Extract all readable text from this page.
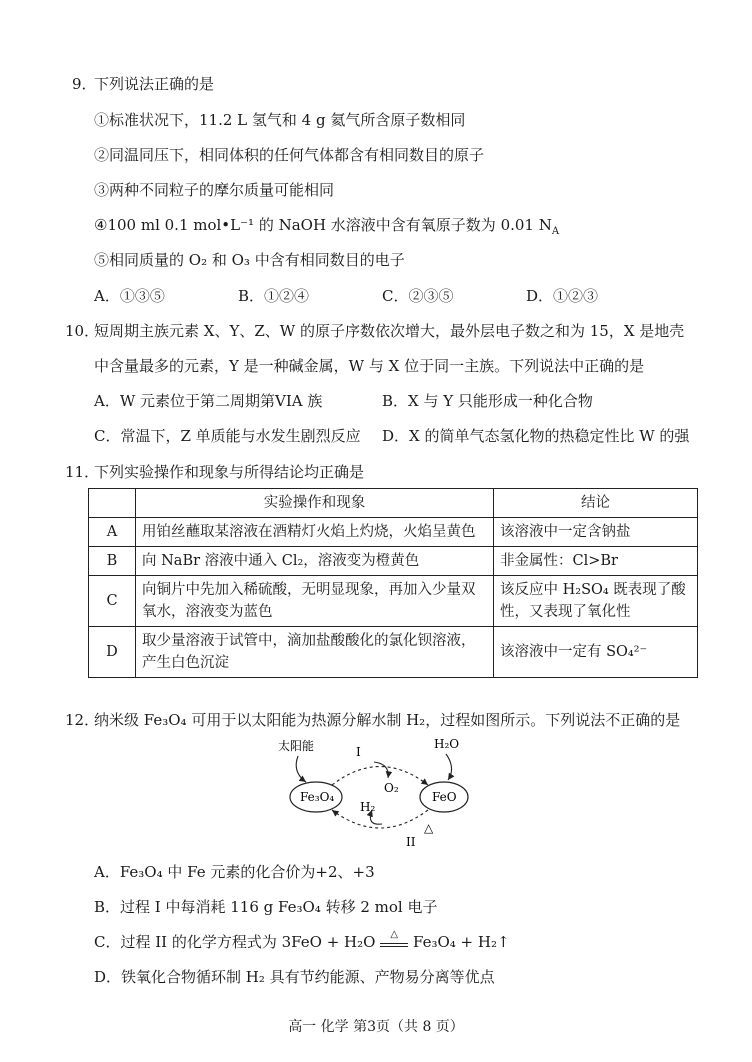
9．
下列说法正确的是
①标准状况下，11.2 L 氢气和 4 g 氦气所含原子数相同
②同温同压下，相同体积的任何气体都含有相同数目的原子
③两种不同粒子的摩尔质量可能相同
④100 ml 0.1 mol•L⁻¹ 的 NaOH 水溶液中含有氧原子数为 0.01 $N_A$
⑤相同质量的 O₂ 和 O₃ 中含有相同数目的电子
A．①③⑤	B．①②④	C．②③⑤	D．①②③
10．
短周期主族元素 X、Y、Z、W 的原子序数依次增大，最外层电子数之和为 15，X 是地壳
中含量最多的元素，Y 是一种碱金属，W 与 X 位于同一主族。下列说法中正确的是
A．W 元素位于第二周期第VIA 族	B．X 与 Y 只能形成一种化合物
C．常温下，Z 单质能与水发生剧烈反应 D．X 的简单气态氢化物的热稳定性比 W 的强
11．
下列实验操作和现象与所得结论均正确是
	实验操作和现象	结论
A	用铂丝蘸取某溶液在酒精灯火焰上灼烧，火焰呈黄色	该溶液中一定含钠盐
B	向 NaBr 溶液中通入 Cl₂，溶液变为橙黄色	非金属性：Cl>Br
C	向铜片中先加入稀硫酸，无明显现象，再加入少量双氧水，溶液变为蓝色	该反应中 H₂SO₄ 既表现了酸性，又表现了氧化性
D	取少量溶液于试管中，滴加盐酸酸化的氯化钡溶液，产生白色沉淀	该溶液中一定有 SO₄²⁻
12．
纳米级 Fe₃O₄ 可用于以太阳能为热源分解水制 H₂，过程如图所示。下列说法不正确的是
太阳能	I
H₂O
O₂
Fe₃O₄	FeO
H₂
△
II
A．Fe₃O₄ 中 Fe 元素的化合价为+2、+3
B．过程 I 中每消耗 116 g Fe₃O₄ 转移 2 mol 电子
C．过程 II 的化学方程式为 3FeO + H₂O	△ Fe₃O₄ + H₂↑
D．铁氧化合物循环制 H₂ 具有节约能源、产物易分离等优点
高一 化学 第3页（共 8 页）
